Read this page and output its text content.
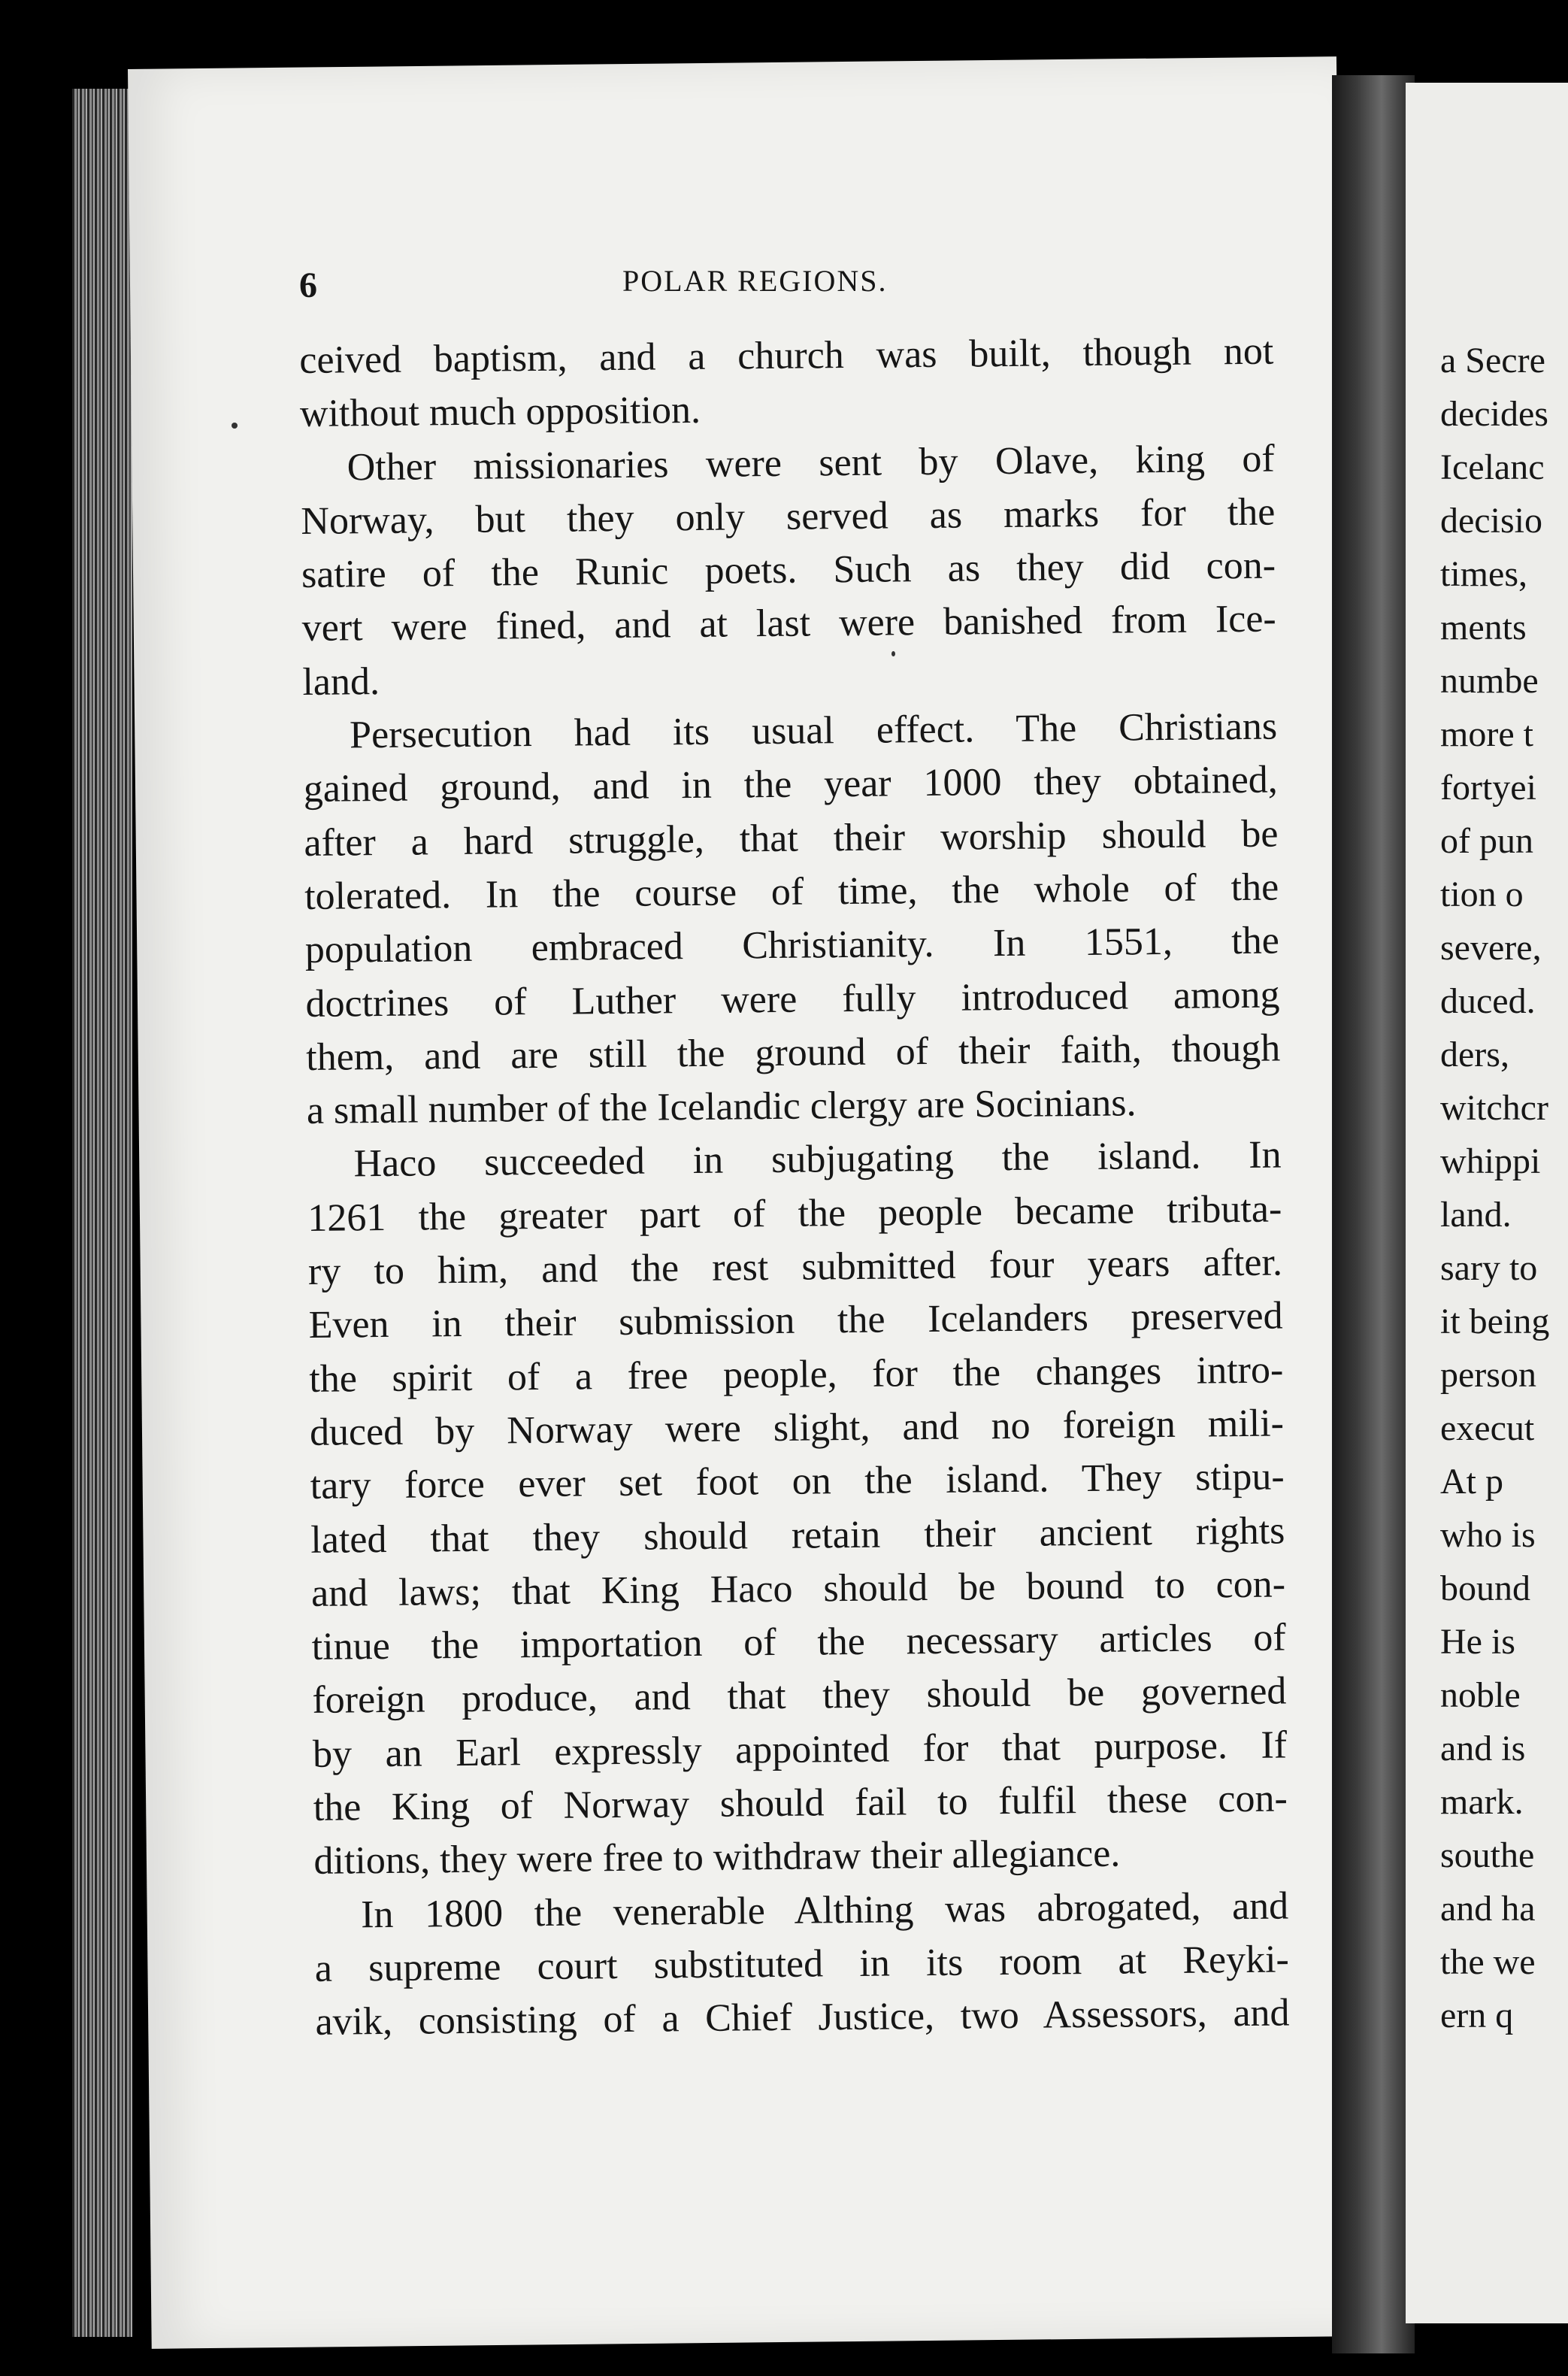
6	POLAR REGIONS.
ceived baptism, and a church was built, though not
without much opposition.
Other missionaries were sent by Olave, king of
Norway, but they only served as marks for the
satire of the Runic poets. Such as they did con-
vert were fined, and at last were banished from Ice-
land.
Persecution had its usual effect. The Christians
gained ground, and in the year 1000 they obtained,
after a hard struggle, that their worship should be
tolerated. In the course of time, the whole of the
population embraced Christianity. In 1551, the
doctrines of Luther were fully introduced among
them, and are still the ground of their faith, though
a small number of the Icelandic clergy are Socinians.
Haco succeeded in subjugating the island. In
1261 the greater part of the people became tributa-
ry to him, and the rest submitted four years after.
Even in their submission the Icelanders preserved
the spirit of a free people, for the changes intro-
duced by Norway were slight, and no foreign mili-
tary force ever set foot on the island. They stipu-
lated that they should retain their ancient rights
and laws; that King Haco should be bound to con-
tinue the importation of the necessary articles of
foreign produce, and that they should be governed
by an Earl expressly appointed for that purpose. If
the King of Norway should fail to fulfil these con-
ditions, they were free to withdraw their allegiance.
In 1800 the venerable Althing was abrogated, and
a supreme court substituted in its room at Reyki-
avik, consisting of a Chief Justice, two Assessors, and
a Secre
decides
Icelanc
decisio
times,
ments
numbe
more t
fortyei
of pun
tion o
severe,
duced.
ders,
witchcr
whippi
land.
sary to
it being
person
execut
At p
who is
bound
He is
noble
and is
mark.
southe
and ha
the we
ern q
